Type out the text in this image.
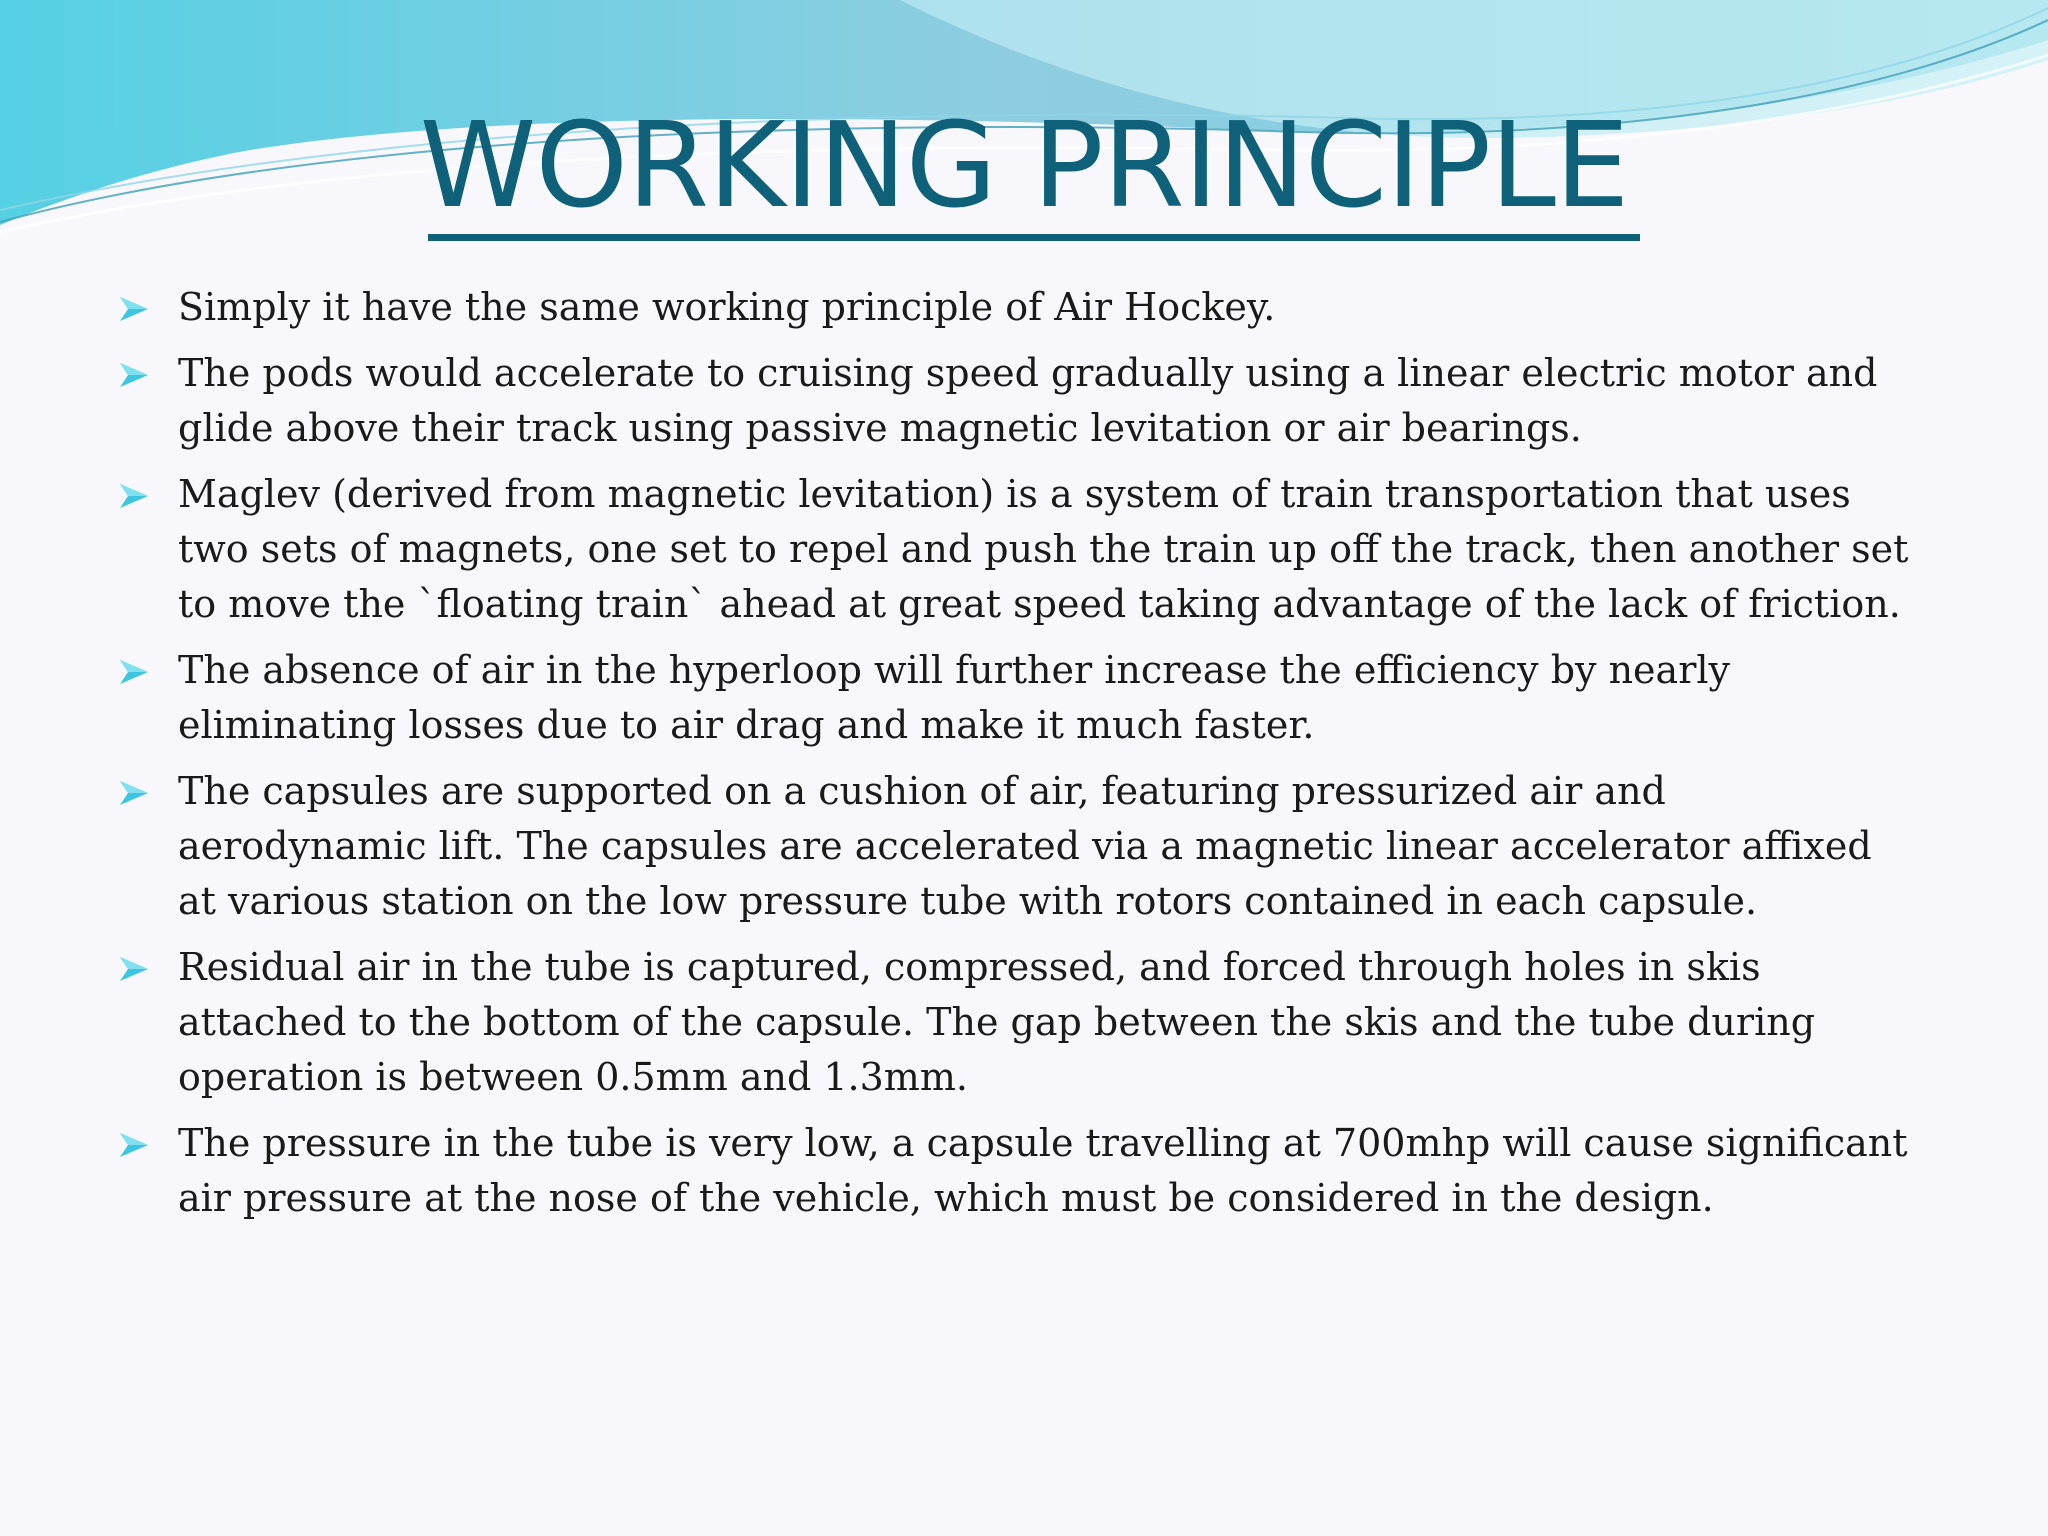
WORKING PRINCIPLE
Simply it have the same working principle of Air Hockey.
The pods would accelerate to cruising speed gradually using a linear electric motor and glide above their track using passive magnetic levitation or air bearings.
Maglev (derived from magnetic levitation) is a system of train transportation that uses two sets of magnets, one set to repel and push the train up off the track, then another set to move the `floating train` ahead at great speed taking advantage of the lack of friction.
The absence of air in the hyperloop will further increase the efficiency by nearly eliminating losses due to air drag and make it much faster.
The capsules are supported on a cushion of air, featuring pressurized air and aerodynamic lift. The capsules are accelerated via a magnetic linear accelerator affixed at various station on the low pressure tube with rotors contained in each capsule.
Residual air in the tube is captured, compressed, and forced through holes in skis attached to the bottom of the capsule. The gap between the skis and the tube during operation is between 0.5mm and 1.3mm.
The pressure in the tube is very low, a capsule travelling at 700mhp will cause significant air pressure at the nose of the vehicle, which must be considered in the design.
